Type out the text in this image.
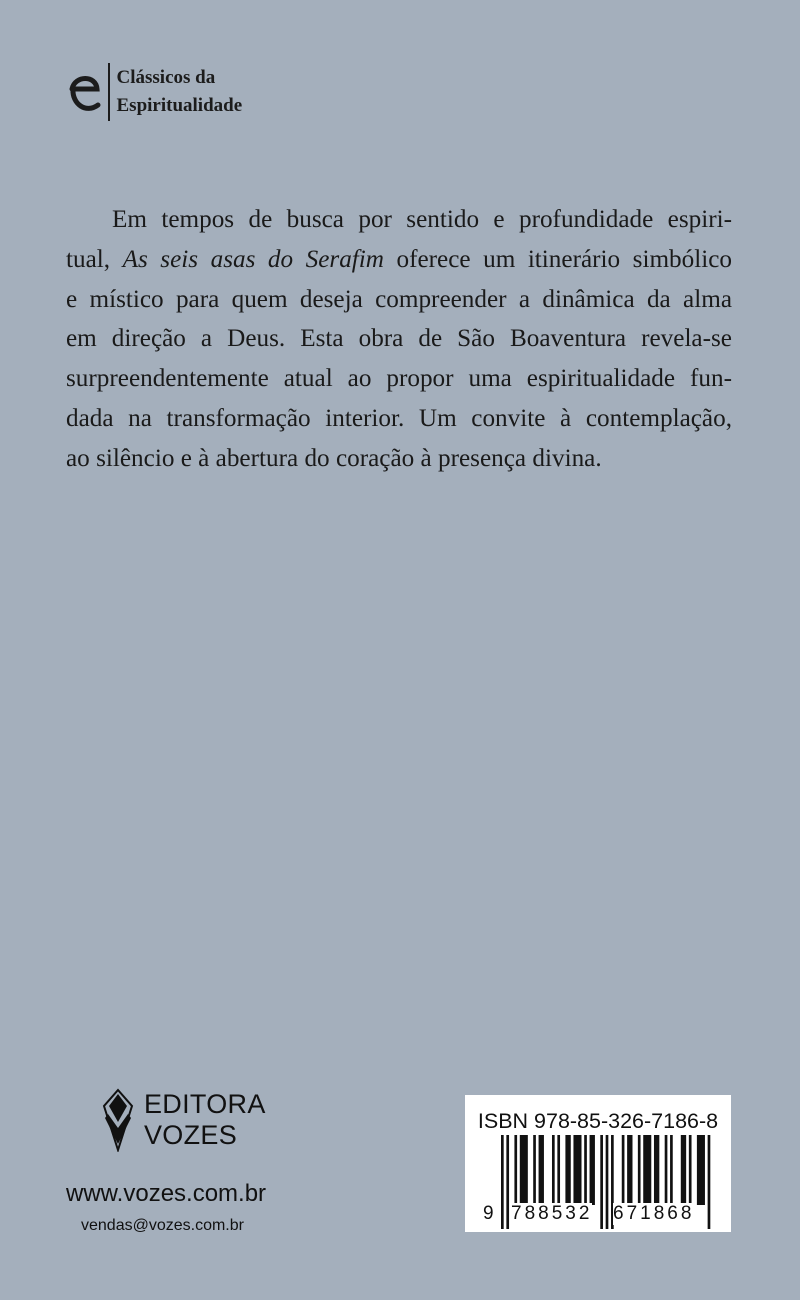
Clássicos da
Espiritualidade
Em tempos de busca por sentido e profundidade espiri-
tual, As seis asas do Serafim oferece um itinerário simbólico
e místico para quem deseja compreender a dinâmica da alma
em direção a Deus. Esta obra de São Boaventura revela-se
surpreendentemente atual ao propor uma espiritualidade fun-
dada na transformação interior. Um convite à contemplação,
ao silêncio e à abertura do coração à presença divina.
EDITORA
VOZES
www.vozes.com.br
vendas@vozes.com.br
ISBN 978-85-326-7186-8
9 788532 671868
